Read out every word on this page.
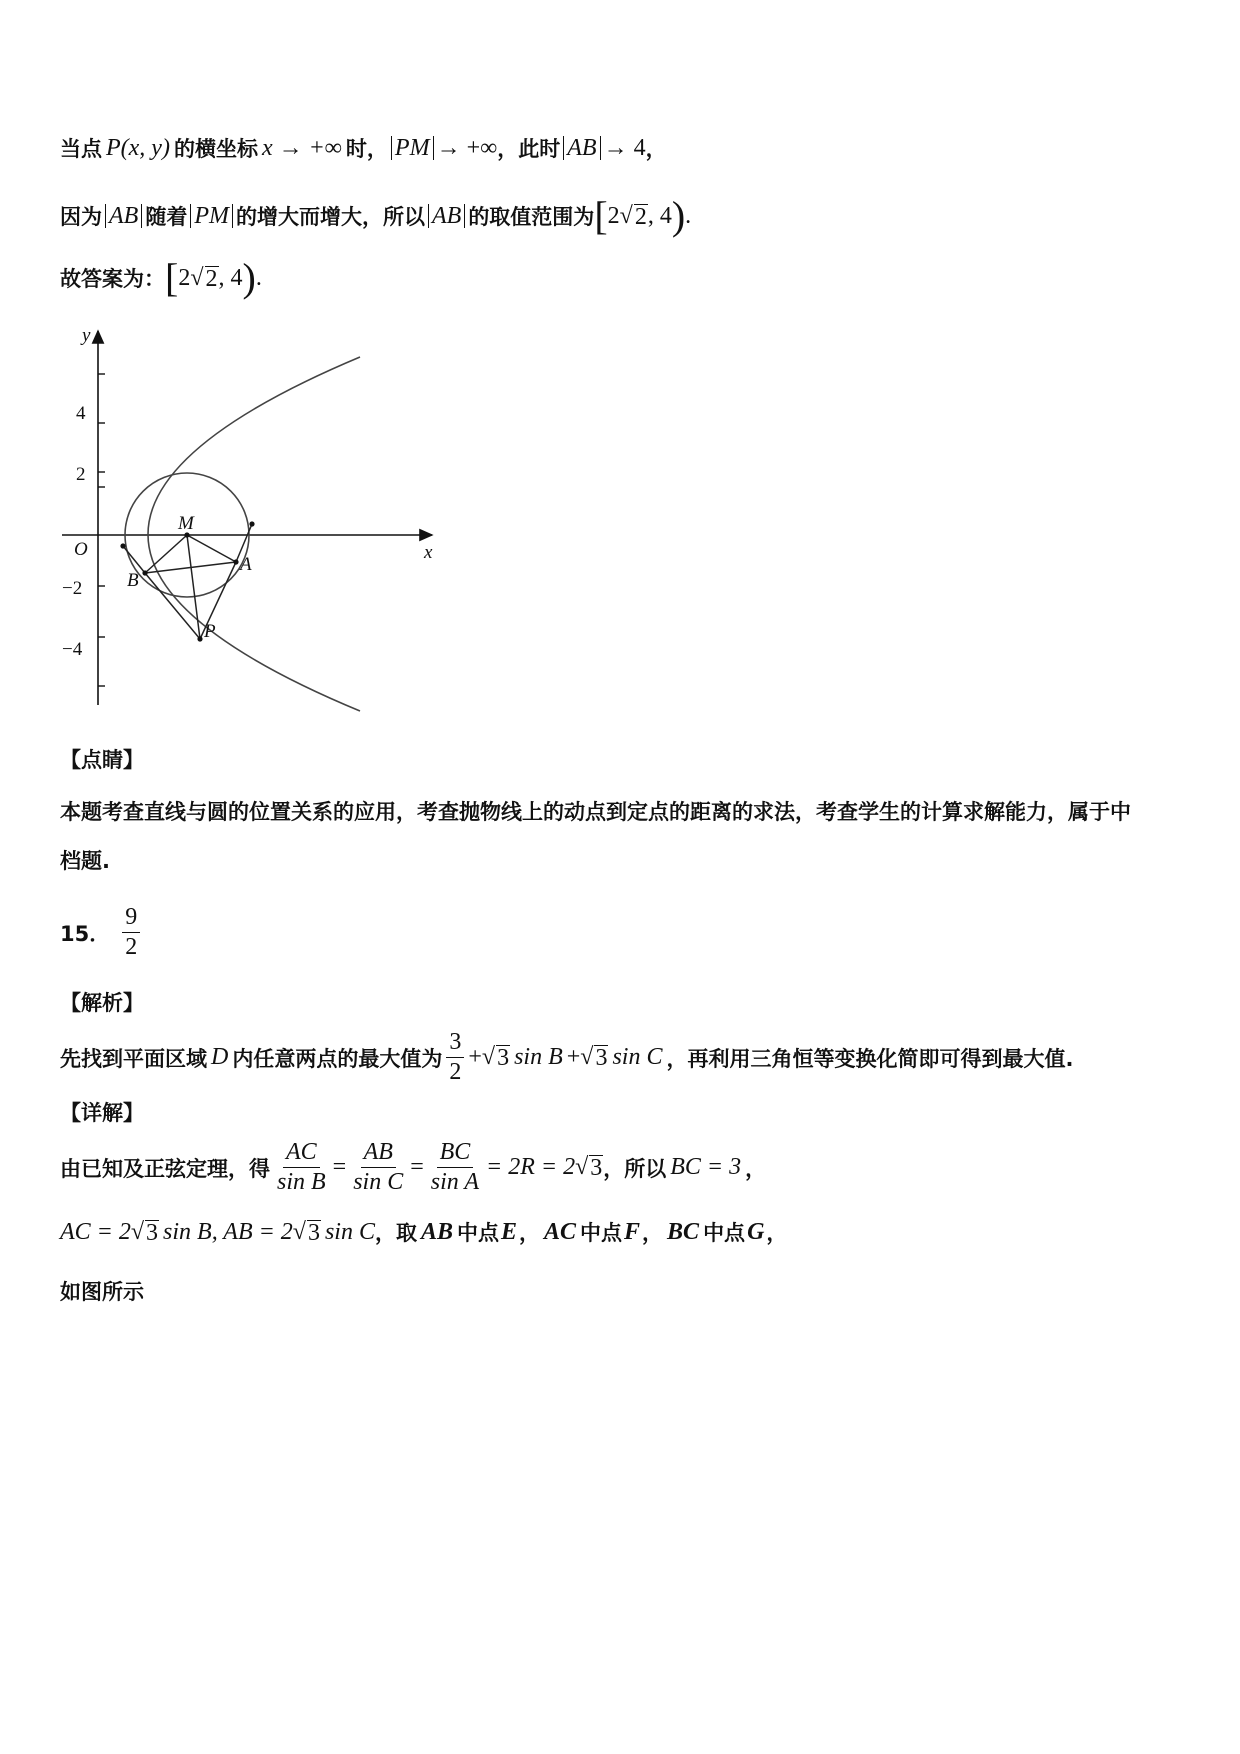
当点 P(x, y) 的横坐标 x → +∞ 时， PM → +∞ ，此时 AB → 4 ，
因为 AB 随着 PM 的增大而增大，所以 AB 的取值范围为 [ 2 √ 2 , 4 ) .
故答案为： [ 2 √ 2 , 4 ) .
y
x
O
4
2
−2
−4
M
A
B
P
【点睛】
本题考查直线与圆的位置关系的应用，考查抛物线上的动点到定点的距离的求法，考查学生的计算求解能力，属于中
档题.
15． $\frac{9}{2}$
【解析】
先找到平面区域 D 内任意两点的最大值为 $\frac{3}{2}$ + √ 3 sin B + √ 3 sin C ，再利用三角恒等变换化简即可得到最大值.
【详解】
由已知及正弦定理，得 $\frac{AC}{\text{sin B}} = \frac{AB}{\text{sin C}} = \frac{BC}{\text{sin A}} = 2R = 2$ √ 3 ，所以 BC = 3 ，
AC = 2 √ 3 sin B, AB = 2 √ 3 sin C ，取 AB 中点 E ， AC 中点 F ， BC 中点 G ，
如图所示
